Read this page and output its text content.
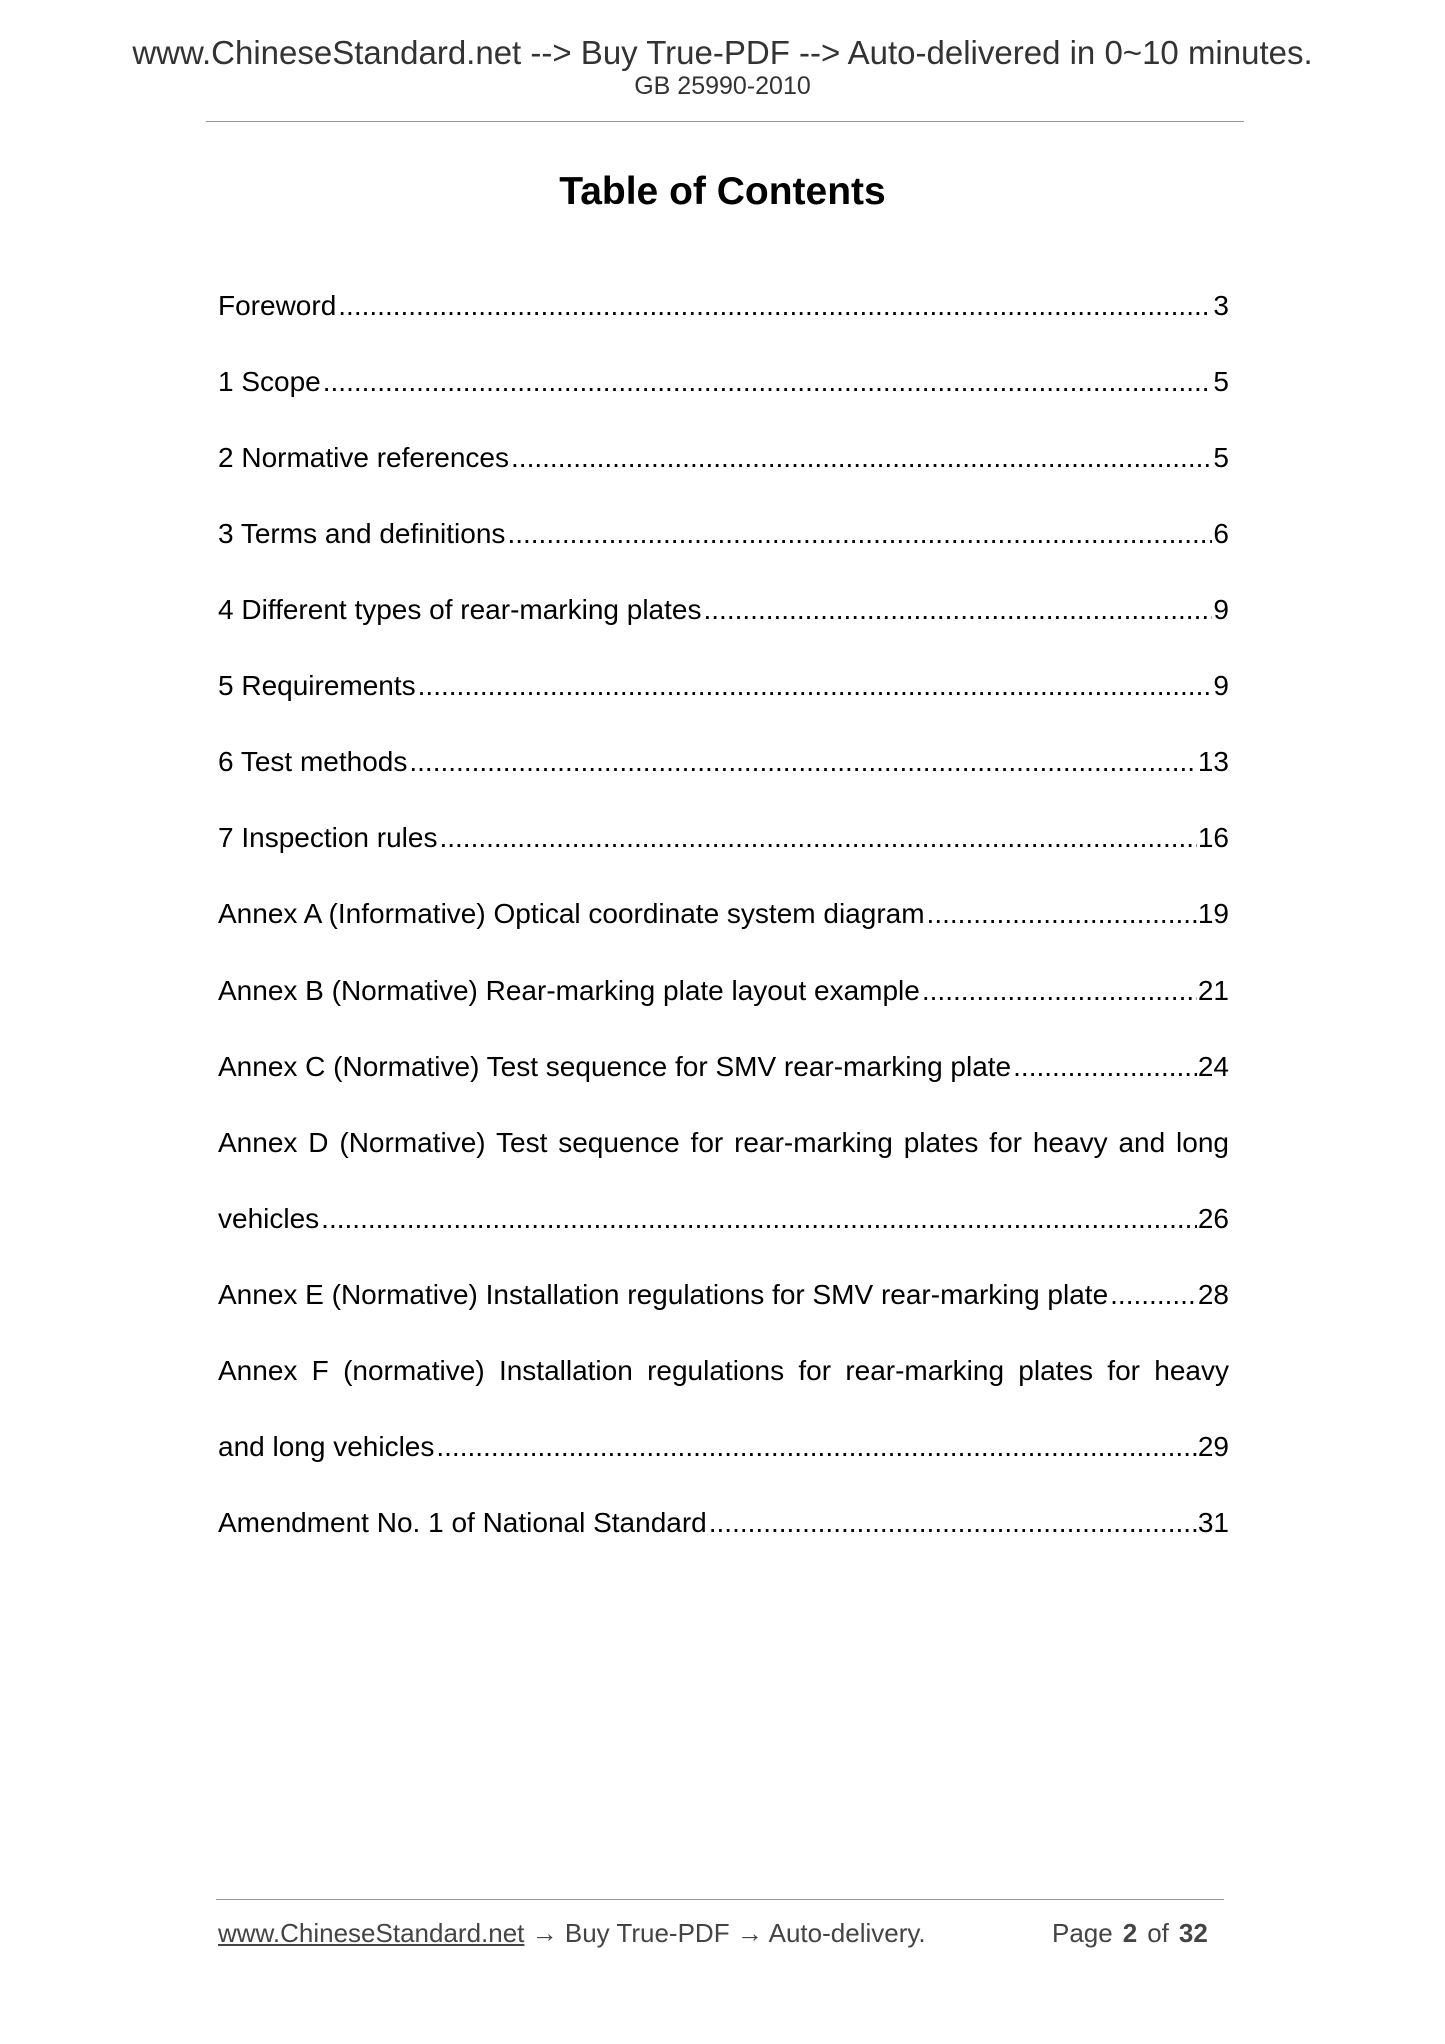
www.ChineseStandard.net --> Buy True-PDF --> Auto-delivered in 0~10 minutes.
GB 25990-2010
Table of Contents
Foreword .....	3
1 Scope .....	5
2 Normative references .....	5
3 Terms and definitions .....	6
4 Different types of rear-marking plates .....	9
5 Requirements .....	9
6 Test methods .....	13
7 Inspection rules .....	16
Annex A (Informative) Optical coordinate system diagram .....	19
Annex B (Normative) Rear-marking plate layout example .....	21
Annex C (Normative) Test sequence for SMV rear-marking plate .....	24
Annex D (Normative) Test sequence for rear-marking plates for heavy and long
vehicles .....	26
Annex E (Normative) Installation regulations for SMV rear-marking plate .....	28
Annex F (normative) Installation regulations for rear-marking plates for heavy
and long vehicles .....	29
Amendment No. 1 of National Standard .....	31
www.ChineseStandard.net → Buy True-PDF → Auto-delivery.	Page 2 of 32
